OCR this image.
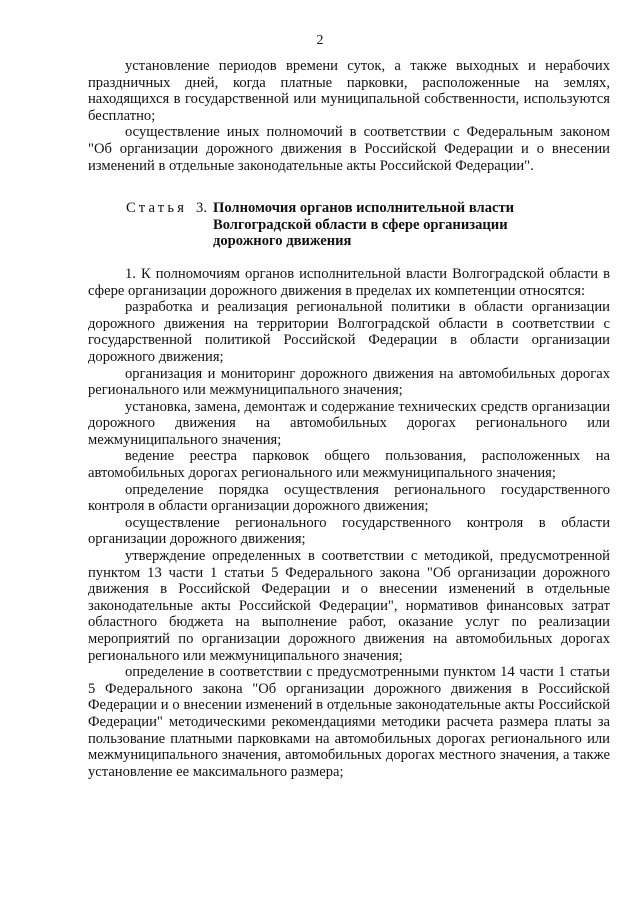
2

установление периодов времени суток, а также выходных и нерабочих праздничных дней, когда платные парковки, расположенные на землях, находящихся в государственной или муниципальной собственности, используются бесплатно;

осуществление иных полномочий в соответствии с Федеральным законом "Об организации дорожного движения в Российской Федерации и о внесении изменений в отдельные законодательные акты Российской Федерации".

Статья 3. Полномочия органов исполнительной власти Волгоградской области в сфере организации дорожного движения

1. К полномочиям органов исполнительной власти Волгоградской области в сфере организации дорожного движения в пределах их компетенции относятся:

разработка и реализация региональной политики в области организации дорожного движения на территории Волгоградской области в соответствии с государственной политикой Российской Федерации в области организации дорожного движения;

организация и мониторинг дорожного движения на автомобильных дорогах регионального или межмуниципального значения;

установка, замена, демонтаж и содержание технических средств организации дорожного движения на автомобильных дорогах регионального или межмуниципального значения;

ведение реестра парковок общего пользования, расположенных на автомобильных дорогах регионального или межмуниципального значения;

определение порядка осуществления регионального государственного контроля в области организации дорожного движения;

осуществление регионального государственного контроля в области организации дорожного движения;

утверждение определенных в соответствии с методикой, предусмотренной пунктом 13 части 1 статьи 5 Федерального закона "Об организации дорожного движения в Российской Федерации и о внесении изменений в отдельные законодательные акты Российской Федерации", нормативов финансовых затрат областного бюджета на выполнение работ, оказание услуг по реализации мероприятий по организации дорожного движения на автомобильных дорогах регионального или межмуниципального значения;

определение в соответствии с предусмотренными пунктом 14 части 1 статьи 5 Федерального закона "Об организации дорожного движения в Российской Федерации и о внесении изменений в отдельные законодательные акты Российской Федерации" методическими рекомендациями методики расчета размера платы за пользование платными парковками на автомобильных дорогах регионального или межмуниципального значения, автомобильных дорогах местного значения, а также установление ее максимального размера;
